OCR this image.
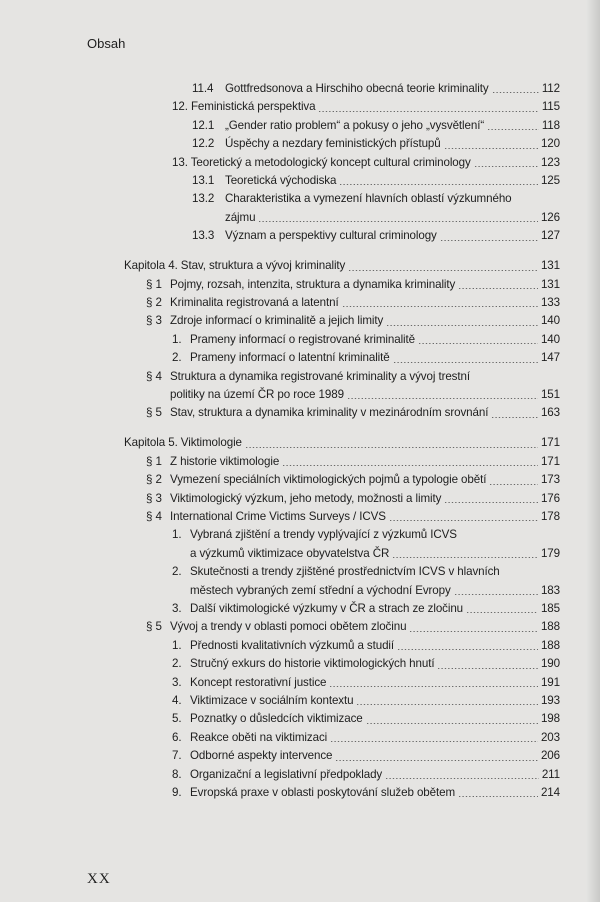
Obsah
11.4	Gottfredsonova a Hirschiho obecná teorie kriminality	112
12. Feministická perspektiva	115
12.1 „Gender ratio problem“ a pokusy o jeho „vysvětlení“	118
12.2 Úspěchy a nezdary feministických přístupů	120
13. Teoretický a metodologický koncept cultural criminology	123
13.1 Teoretická východiska	125
13.2 Charakteristika a vymezení hlavních oblastí výzkumného
zájmu	126
13.3 Význam a perspektivy cultural criminology	127
Kapitola 4. Stav, struktura a vývoj kriminality	131
§ 1 Pojmy, rozsah, intenzita, struktura a dynamika kriminality	131
§ 2 Kriminalita registrovaná a latentní	133
§ 3 Zdroje informací o kriminalitě a jejich limity	140
1. Prameny informací o registrované kriminalitě	140
2. Prameny informací o latentní kriminalitě	147
§ 4 Struktura a dynamika registrované kriminality a vývoj trestní
politiky na území ČR po roce 1989	151
§ 5 Stav, struktura a dynamika kriminality v mezinárodním srovnání	163
Kapitola 5. Viktimologie	171
§ 1 Z historie viktimologie	171
§ 2 Vymezení speciálních viktimologických pojmů a typologie obětí	173
§ 3 Viktimologický výzkum, jeho metody, možnosti a limity	176
§ 4 International Crime Victims Surveys / ICVS	178
1. Vybraná zjištění a trendy vyplývající z výzkumů ICVS
a výzkumů viktimizace obyvatelstva ČR	179
2. Skutečnosti a trendy zjištěné prostřednictvím ICVS v hlavních
městech vybraných zemí střední a východní Evropy	183
3. Další viktimologické výzkumy v ČR a strach ze zločinu	185
§ 5 Vývoj a trendy v oblasti pomoci obětem zločinu	188
1. Přednosti kvalitativních výzkumů a studií	188
2. Stručný exkurs do historie viktimologických hnutí	190
3. Koncept restorativní justice	191
4. Viktimizace v sociálním kontextu	193
5. Poznatky o důsledcích viktimizace	198
6. Reakce oběti na viktimizaci	203
7. Odborné aspekty intervence	206
8. Organizační a legislativní předpoklady	211
9. Evropská praxe v oblasti poskytování služeb obětem	214
XX
